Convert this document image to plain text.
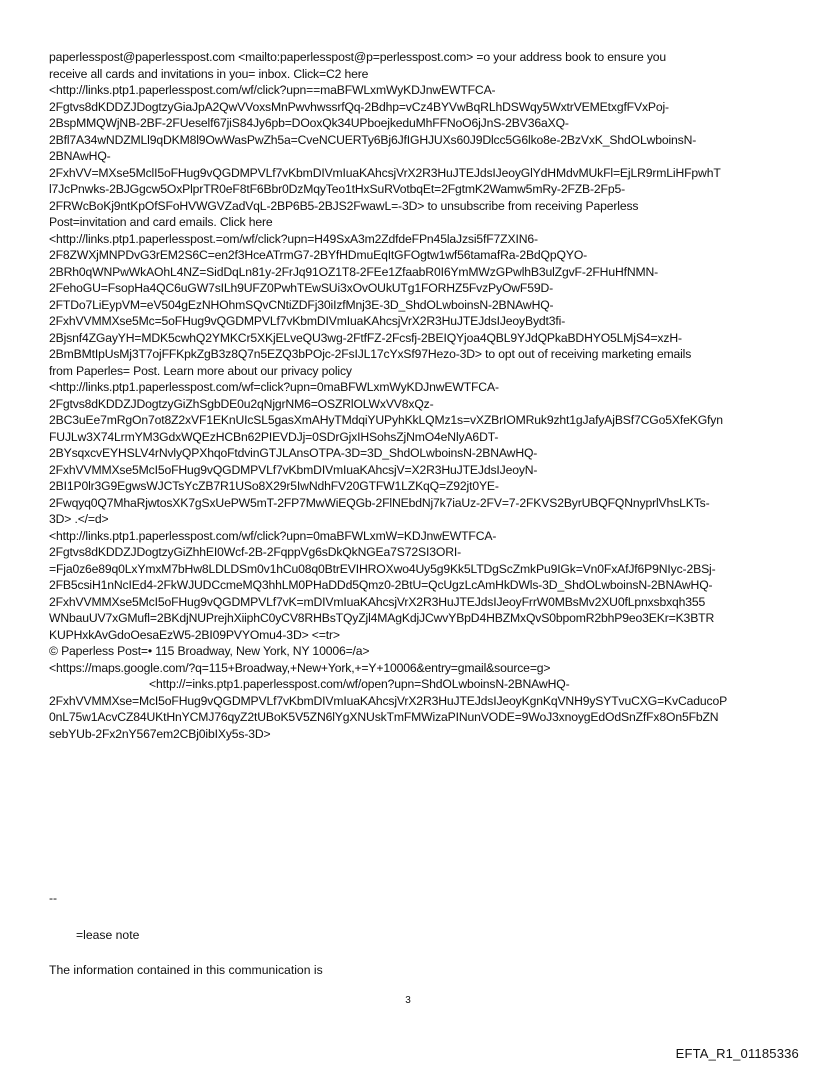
paperlesspost@paperlesspost.com <mailto:paperlesspost@p=perlesspost.com> =o your address book to ensure you
receive all cards and invitations in you= inbox. Click=C2 here
<http://links.ptp1.paperlesspost.com/wf/click?upn==maBFWLxmWyKDJnwEWTFCA-
2Fgtvs8dKDDZJDogtzyGiaJpA2QwVVoxsMnPwvhwssrfQq-2Bdhp=vCz4BYVwBqRLhDSWqy5WxtrVEMEtxgfFVxPoj-
2BspMMQWjNB-2BF-2FUeself67jiS84Jy6pb=DOoxQk34UPboejkeduMhFFNoO6jJnS-2BV36aXQ-
2Bfl7A34wNDZMLl9qDKM8l9OwWasPwZh5a=CveNCUERTy6Bj6JfIGHJUXs60J9Dlcc5G6lko8e-2BzVxK_ShdOLwboinsN-
2BNAwHQ-
2FxhVV=MXse5MclI5oFHug9vQGDMPVLf7vKbmDIVmIuaKAhcsjVrX2R3HuJTEJdsIJeoyGlYdHMdvMUkFl=EjLR9rmLiHFpwhT
l7JcPnwks-2BJGgcw5OxPlprTR0eF8tF6Bbr0DzMqyTeo1tHxSuRVotbqEt=2FgtmK2Wamw5mRy-2FZB-2Fp5-
2FRWcBoKj9ntKpOfSFoHVWGVZadVqL-2BP6B5-2BJS2FwawL=-3D> to unsubscribe from receiving Paperless
Post=invitation and card emails. Click here
<http://links.ptp1.paperlesspost.=om/wf/click?upn=H49SxA3m2ZdfdeFPn45laJzsi5fF7ZXIN6-
2F8ZWXjMNPDvG3rEM2S6C=en2f3HceATrmG7-2BYfHDmuEqItGFOgtw1wf56tamafRa-2BdQpQYO-
2BRh0qWNPwWkAOhL4NZ=SidDqLn81y-2FrJq91OZ1T8-2FEe1ZfaabR0I6YmMWzGPwlhB3ulZgvF-2FHuHfNMN-
2FehoGU=FsopHa4QC6uGW7sILh9UFZ0PwhTEwSUi3xOvOUkUTg1FORHZ5FvzPyOwF59D-
2FTDo7LiEypVM=eV504gEzNHOhmSQvCNtiZDFj30iIzfMnj3E-3D_ShdOLwboinsN-2BNAwHQ-
2FxhVVMMXse5Mc=5oFHug9vQGDMPVLf7vKbmDIVmIuaKAhcsjVrX2R3HuJTEJdsIJeoyBydt3fi-
2Bjsnf4ZGayYH=MDK5cwhQ2YMKCr5XKjELveQU3wg-2FtfFZ-2Fcsfj-2BEIQYjoa4QBL9YJdQPkaBDHYO5LMjS4=xzH-
2BmBMtIpUsMj3T7ojFFKpkZgB3z8Q7n5EZQ3bPOjc-2FsIJL17cYxSf97Hezo-3D> to opt out of receiving marketing emails
from Paperles= Post. Learn more about our privacy policy
<http://links.ptp1.paperlesspost.com/wf=click?upn=0maBFWLxmWyKDJnwEWTFCA-
2Fgtvs8dKDDZJDogtzyGiZhSgbDE0u2qNjgrNM6=OSZRlOLWxVV8xQz-
2BC3uEe7mRgOn7ot8Z2xVF1EKnUIcSL5gasXmAHyTMdqiYUPyhKkLQMz1s=vXZBrIOMRuk9zht1gJafyAjBSf7CGo5XfeKGfyn
FUJLw3X74LrmYM3GdxWQEzHCBn62PIEVDJj=0SDrGjxIHSohsZjNmO4eNlyA6DT-
2BYsqxcvEYHSLV4rNvlyQPXhqoFtdvinGTJLAnsOTPA-3D=3D_ShdOLwboinsN-2BNAwHQ-
2FxhVVMMXse5McI5oFHug9vQGDMPVLf7vKbmDIVmIuaKAhcsjV=X2R3HuJTEJdsIJeoyN-
2BI1P0lr3G9EgwsWJCTsYcZB7R1USo8X29r5IwNdhFV20GTFW1LZKqQ=Z92jt0YE-
2Fwqyq0Q7MhaRjwtosXK7gSxUePW5mT-2FP7MwWiEQGb-2FlNEbdNj7k7iaUz-2FV=7-2FKVS2ByrUBQFQNnyprlVhsLKTs-
3D> .</=d>
<http://links.ptp1.paperlesspost.com/wf/click?upn=0maBFWLxmW=KDJnwEWTFCA-
2Fgtvs8dKDDZJDogtzyGiZhhEI0Wcf-2B-2FqppVg6sDkQkNGEa7S72SI3ORI-
=Fja0z6e89q0LxYmxM7bHw8LDLDSm0v1hCu08q0BtrEVIHROXwo4Uy5g9Kk5LTDgScZmkPu9IGk=Vn0FxAfJf6P9NIyc-2BSj-
2FB5csiH1nNcIEd4-2FkWJUDCcmeMQ3hhLM0PHaDDd5Qmz0-2BtU=QcUgzLcAmHkDWls-3D_ShdOLwboinsN-2BNAwHQ-
2FxhVVMMXse5McI5oFHug9vQGDMPVLf7vK=mDIVmIuaKAhcsjVrX2R3HuJTEJdsIJeoyFrrW0MBsMv2XU0fLpnxsbxqh355
WNbauUV7xGMufl=2BKdjNUPrejhXiiphC0yCV8RHBsTQyZjl4MAgKdjJCwvYBpD4HBZMxQvS0bpomR2bhP9eo3EKr=K3BTR
KUPHxkAvGdoOesaEzW5-2BI09PVYOmu4-3D> <=tr>
© Paperless Post=• 115 Broadway, New York, NY 10006=/a>
<https://maps.google.com/?q=115+Broadway,+New+York,+=Y+10006&entry=gmail&source=g>
<http://=inks.ptp1.paperlesspost.com/wf/open?upn=ShdOLwboinsN-2BNAwHQ-
2FxhVVMMXse=McI5oFHug9vQGDMPVLf7vKbmDIVmIuaKAhcsjVrX2R3HuJTEJdsIJeoyKgnKqVNH9ySYTvuCXG=KvCaducoP
0nL75w1AcvCZ84UKtHnYCMJ76qyZ2tUBoK5V5ZN6lYgXNUskTmFMWizaPINunVODE=9WoJ3xnoygEdOdSnZfFx8On5FbZN
sebYUb-2Fx2nY567em2CBj0ibIXy5s-3D>
--
=lease note
The information contained in this communication is
3
EFTA_R1_01185336
